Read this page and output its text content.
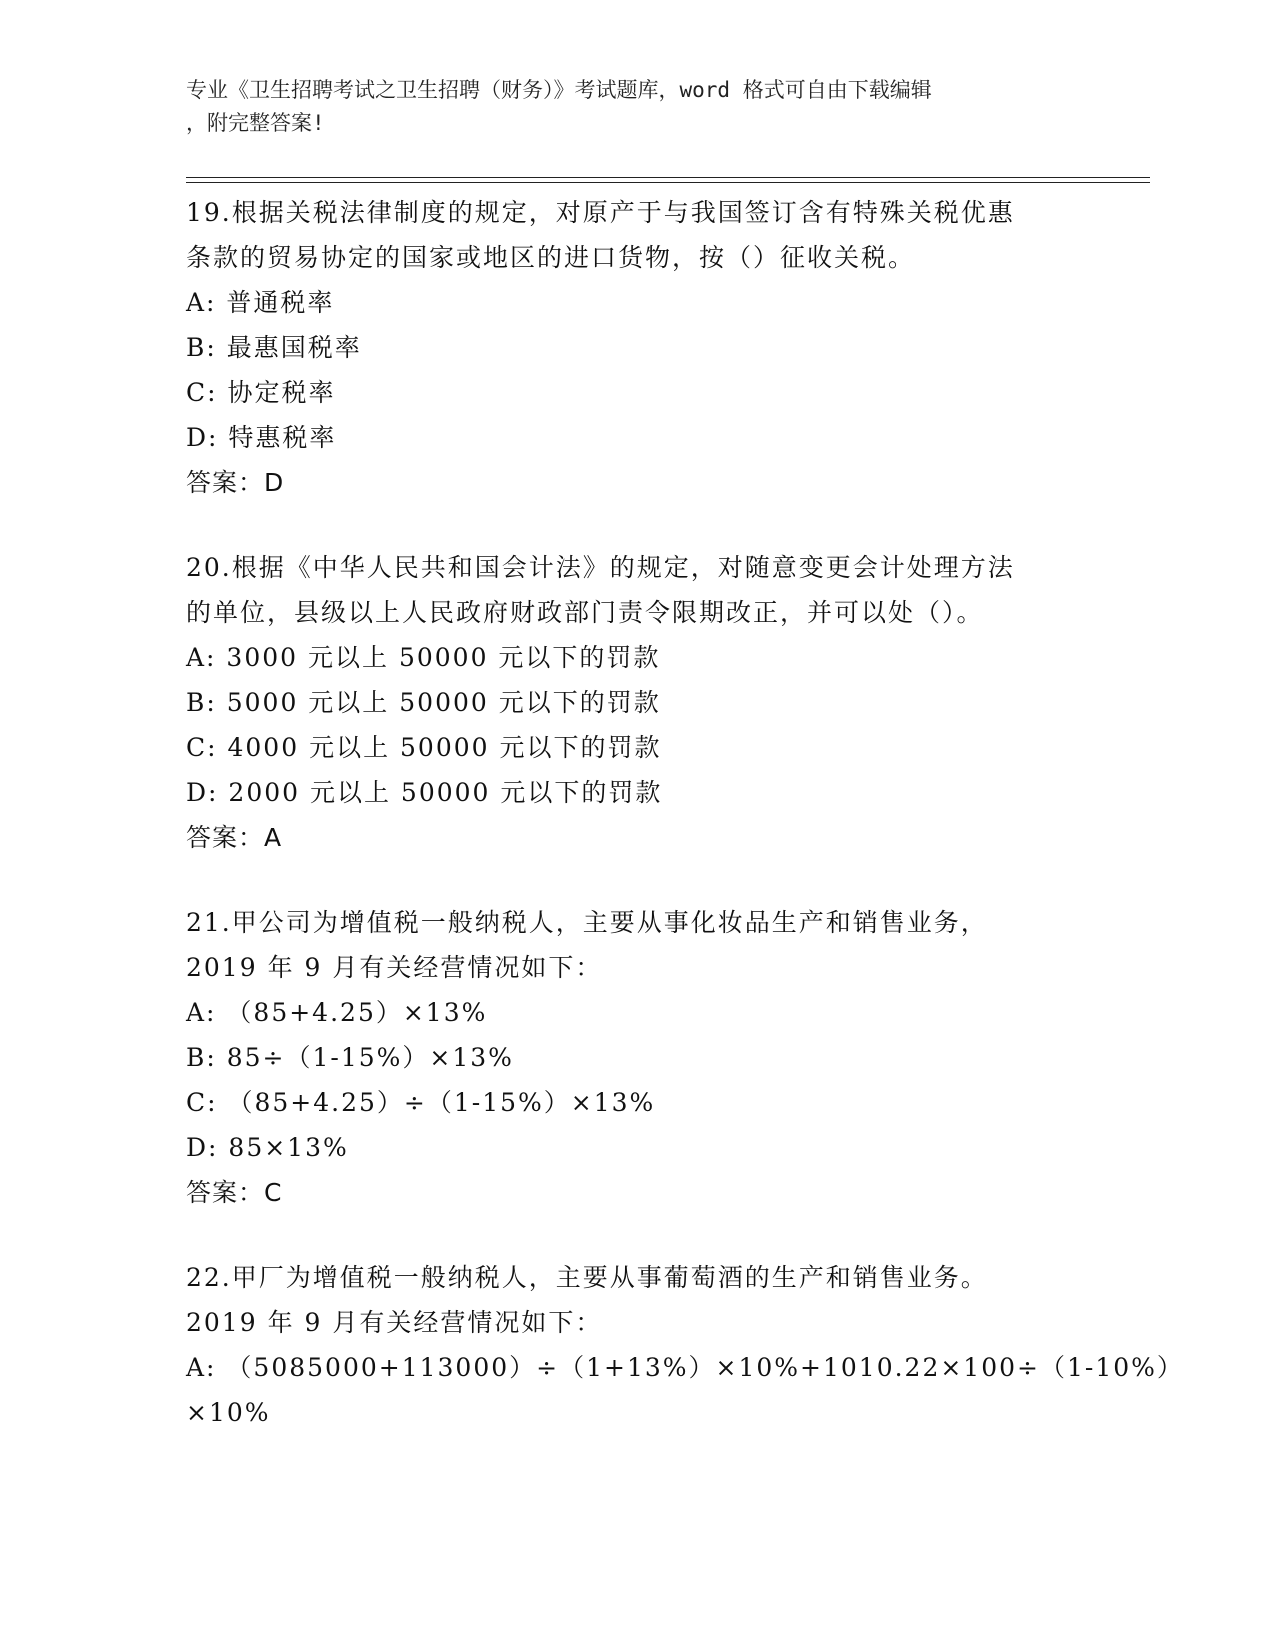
专业《卫生招聘考试之卫生招聘（财务）》考试题库，word 格式可自由下载编辑
，附完整答案!
19.根据关税法律制度的规定，对原产于与我国签订含有特殊关税优惠
条款的贸易协定的国家或地区的进口货物，按（）征收关税。
A: 普通税率
B: 最惠国税率
C: 协定税率
D: 特惠税率
答案：D
20.根据《中华人民共和国会计法》的规定，对随意变更会计处理方法
的单位，县级以上人民政府财政部门责令限期改正，并可以处（）。
A: 3000 元以上 50000 元以下的罚款
B: 5000 元以上 50000 元以下的罚款
C: 4000 元以上 50000 元以下的罚款
D: 2000 元以上 50000 元以下的罚款
答案：A
21.甲公司为增值税一般纳税人，主要从事化妆品生产和销售业务，
2019 年 9 月有关经营情况如下：
A: （85+4.25）×13%
B: 85÷（1-15%）×13%
C: （85+4.25）÷（1-15%）×13%
D: 85×13%
答案：C
22.甲厂为增值税一般纳税人，主要从事葡萄酒的生产和销售业务。
2019 年 9 月有关经营情况如下：
A: （5085000+113000）÷（1+13%）×10%+1010.22×100÷（1-10%）
×10%
